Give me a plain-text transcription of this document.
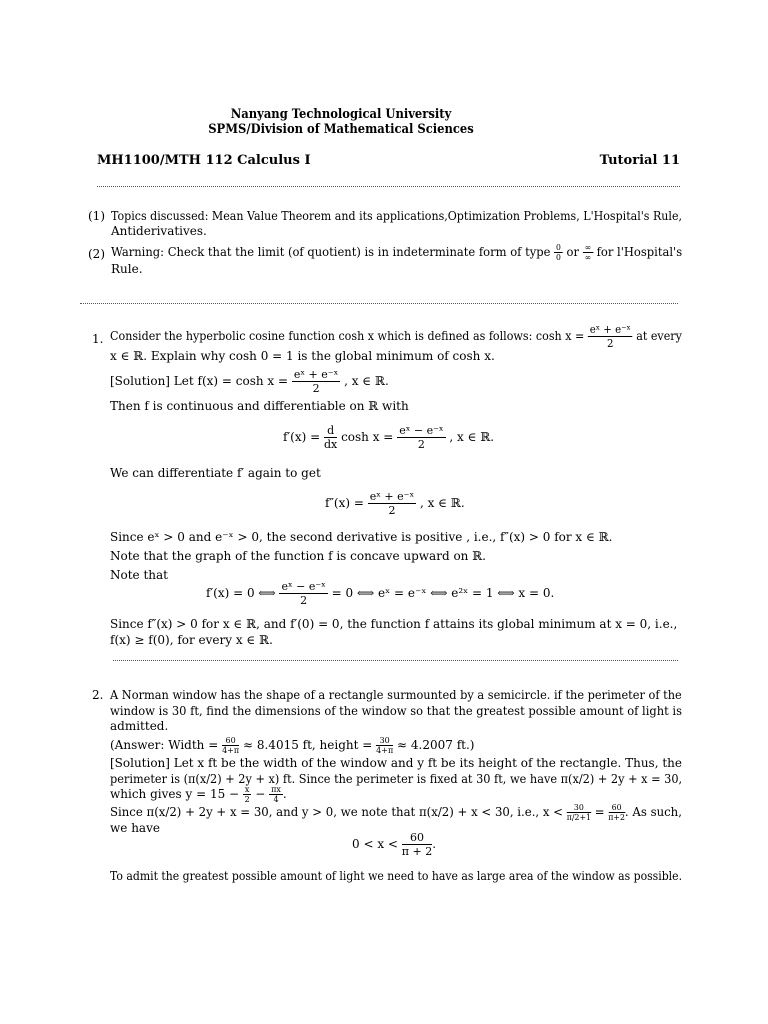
Nanyang Technological University
SPMS/Division of Mathematical Sciences
MH1100/MTH 112 Calculus I	Tutorial 11
(1) Topics discussed: Mean Value Theorem and its applications,Optimization Problems, L'Hospital's Rule,
Antiderivatives.
(2) Warning: Check that the limit (of quotient) is in indeterminate form of type $\frac{0}{0}$ or $\frac{\infty}{\infty}$ for l'Hospital's
Rule.
1. Consider the hyperbolic cosine function cosh x which is defined as follows: $\cosh x = \frac{\text{eˣ + e⁻ˣ}}{2}$ at every
x ∈ ℝ. Explain why cosh 0 = 1 is the global minimum of cosh x.
[Solution] Let $f(x) = \cosh x = \frac{\text{eˣ + e⁻ˣ}}{2}$ , x ∈ ℝ.
Then f is continuous and differentiable on ℝ with
$f'(x) = \frac{d}{dx}$ $\cosh x = \frac{\text{eˣ − e⁻ˣ}}{2}$ , x ∈ ℝ.
We can differentiate f′ again to get
$f''(x) = \frac{\text{eˣ + e⁻ˣ}}{2}$ , x ∈ ℝ.
Since eˣ > 0 and e⁻ˣ > 0, the second derivative is positive , i.e., f″(x) > 0 for x ∈ ℝ.
Note that the graph of the function f is concave upward on ℝ.
Note that
f′(x) = 0 ⟺ $\frac{\text{eˣ − e⁻ˣ}}{2} = 0$ ⟺ eˣ = e⁻ˣ ⟺ e²ˣ = 1 ⟺ x = 0.
Since f″(x) > 0 for x ∈ ℝ, and f′(0) = 0, the function f attains its global minimum at x = 0, i.e.,
f(x) ≥ f(0), for every x ∈ ℝ.
2. A Norman window has the shape of a rectangle surmounted by a semicircle. if the perimeter of the
window is 30 ft, find the dimensions of the window so that the greatest possible amount of light is
admitted.
(Answer: Width = $\frac{60}{4+\pi} \approx 8.4015$ ft, height = $\frac{30}{4+\pi} \approx 4.2007$ ft.)
[Solution] Let x ft be the width of the window and y ft be its height of the rectangle. Thus, the
perimeter is (π(x/2) + 2y + x) ft. Since the perimeter is fixed at 30 ft, we have π(x/2) + 2y + x = 30,
which gives $y = 15 - \frac{x}{2} - \frac{\pi x}{4}$ .
Since π(x/2) + 2y + x = 30, and y > 0, we note that π(x/2) + x < 30, i.e., $x < \frac{30}{\pi/2+1} = \frac{60}{\pi+2}$ . As such,
we have
$0 < x < \frac{60}{\pi + 2}$ .
To admit the greatest possible amount of light we need to have as large area of the window as possible.
